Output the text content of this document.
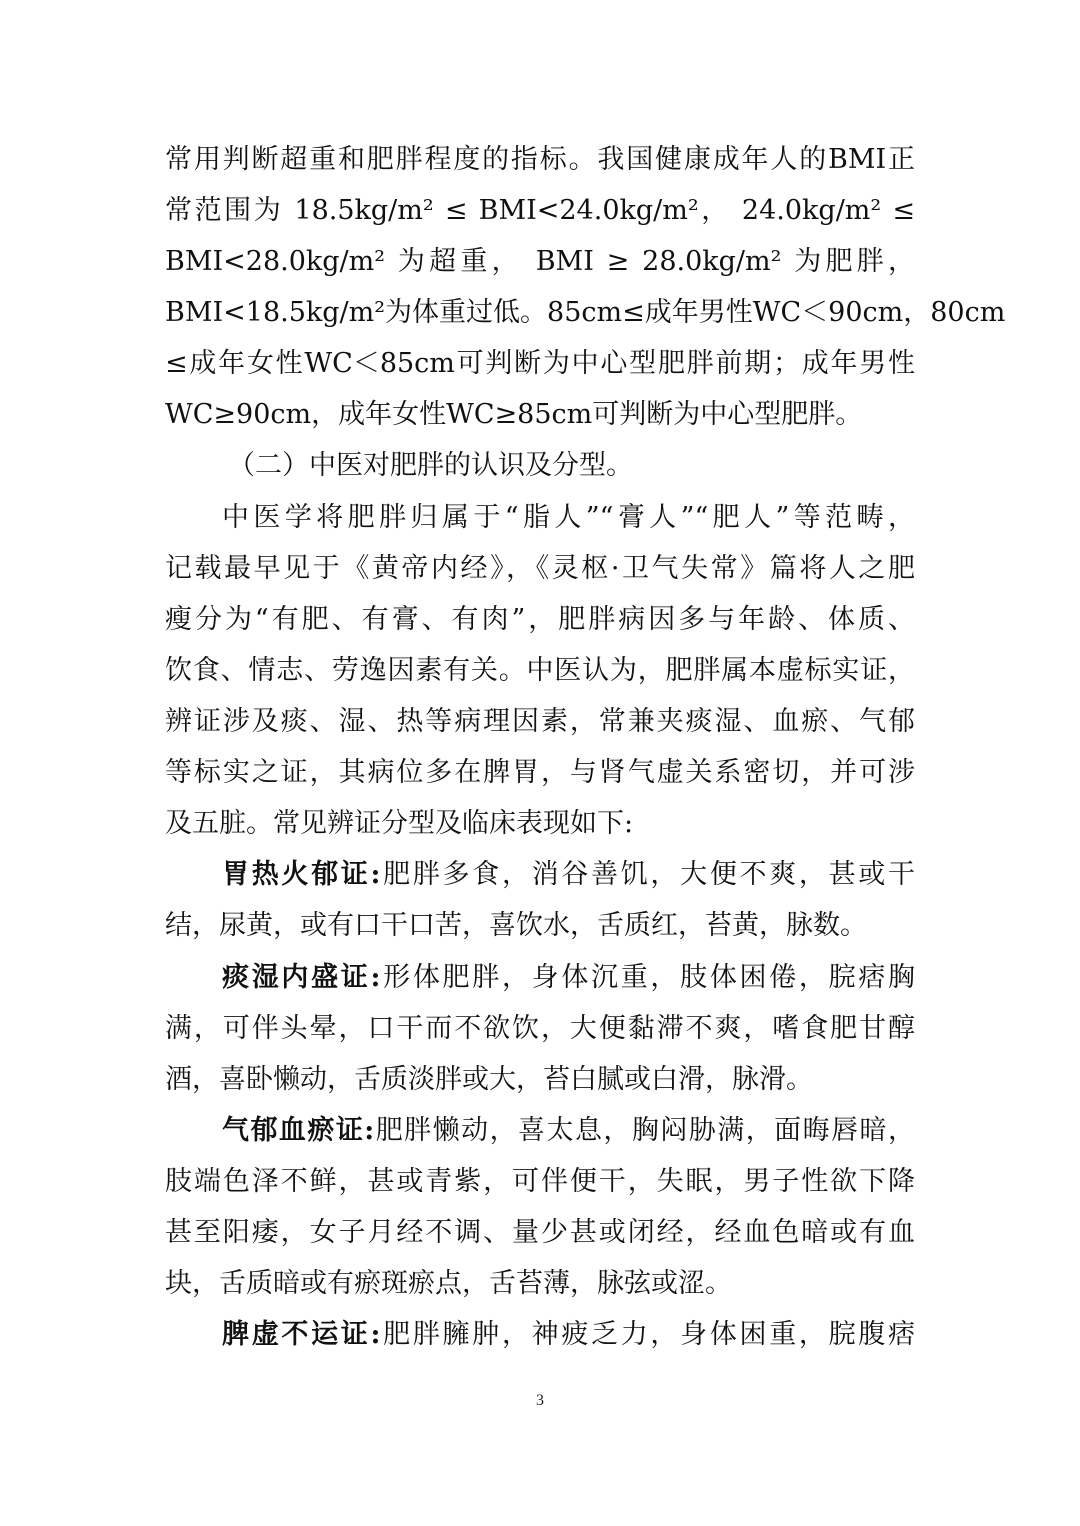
常用判断超重和肥胖程度的指标。我国健康成年人的BMI正
常范围为 18.5kg/m² ≤ BMI<24.0kg/m²， 24.0kg/m² ≤
BMI<28.0kg/m² 为超重， BMI ≥ 28.0kg/m² 为肥胖，
BMI<18.5kg/m²为体重过低。85cm≤成年男性WC＜90cm，80cm
≤成年女性WC＜85cm可判断为中心型肥胖前期；成年男性
WC≥90cm，成年女性WC≥85cm可判断为中心型肥胖。
（二）中医对肥胖的认识及分型。
中医学将肥胖归属于“脂人”“膏人”“肥人”等范畴，
记载最早见于《黄帝内经》，《灵枢·卫气失常》篇将人之肥
瘦分为“有肥、有膏、有肉”，肥胖病因多与年龄、体质、
饮食、情志、劳逸因素有关。中医认为，肥胖属本虚标实证，
辨证涉及痰、湿、热等病理因素，常兼夹痰湿、血瘀、气郁
等标实之证，其病位多在脾胃，与肾气虚关系密切，并可涉
及五脏。常见辨证分型及临床表现如下:
胃热火郁证:肥胖多食，消谷善饥，大便不爽，甚或干
结，尿黄，或有口干口苦，喜饮水，舌质红，苔黄，脉数。
痰湿内盛证:形体肥胖，身体沉重，肢体困倦，脘痞胸
满，可伴头晕，口干而不欲饮，大便黏滞不爽，嗜食肥甘醇
酒，喜卧懒动，舌质淡胖或大，苔白腻或白滑，脉滑。
气郁血瘀证:肥胖懒动，喜太息，胸闷胁满，面晦唇暗，
肢端色泽不鲜，甚或青紫，可伴便干，失眠，男子性欲下降
甚至阳痿，女子月经不调、量少甚或闭经，经血色暗或有血
块，舌质暗或有瘀斑瘀点，舌苔薄，脉弦或涩。
脾虚不运证:肥胖臃肿，神疲乏力，身体困重，脘腹痞
3
